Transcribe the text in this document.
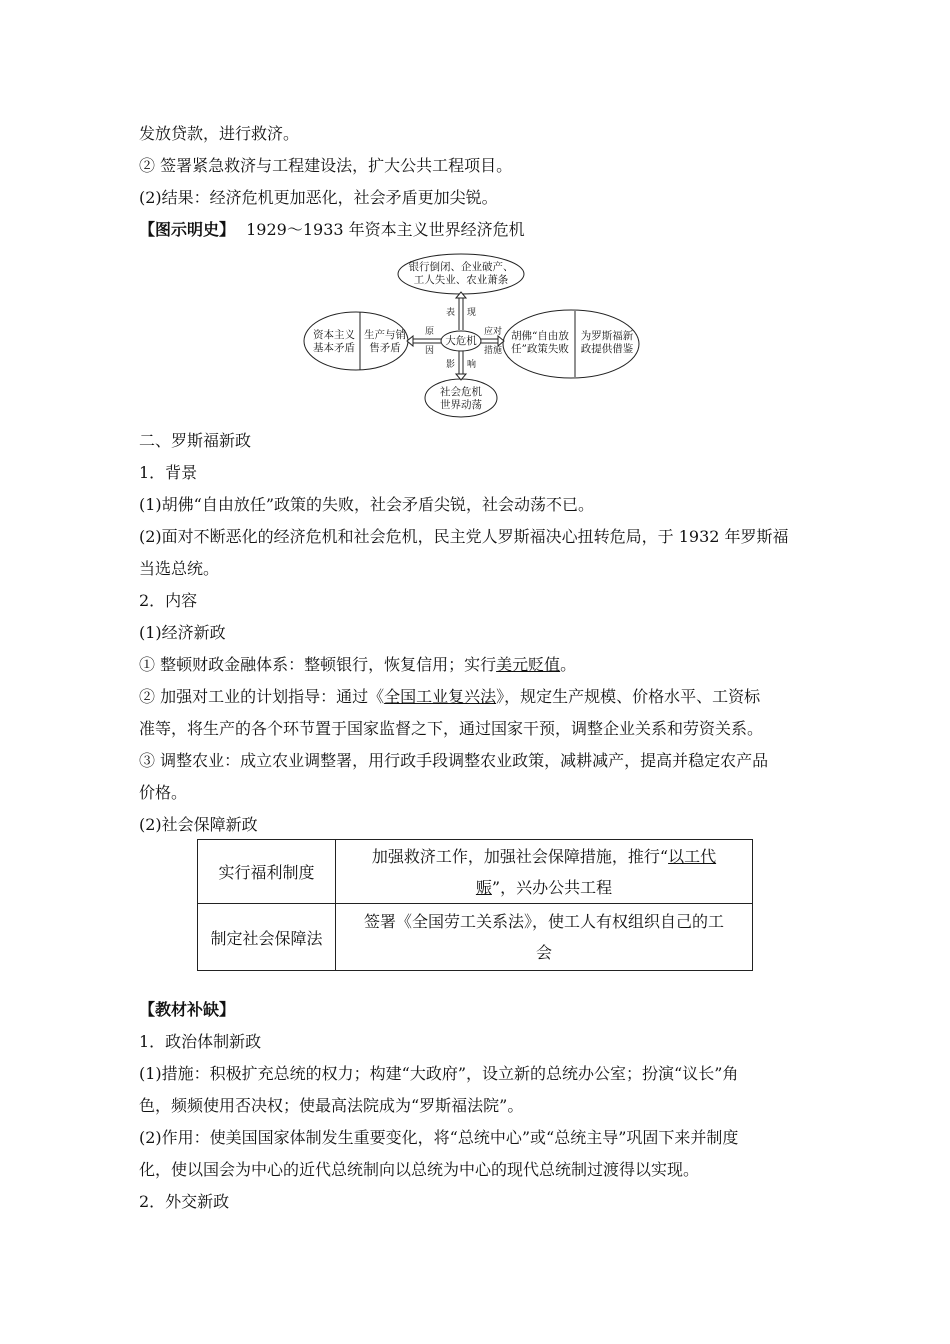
发放贷款，进行救济。
② 签署紧急救济与工程建设法，扩大公共工程项目。
(2)结果：经济危机更加恶化，社会矛盾更加尖锐。
【图示明史】 1929～1933 年资本主义世界经济危机
银行倒闭、企业破产、
工人失业、农业萧条
资本主义
基本矛盾
生产与销
售矛盾
大危机	胡佛“自由放
任”政策失败
为罗斯福新
政提供借鉴
社会危机
世界动荡
表 现
原
因
应对
措施
影 响
二、罗斯福新政
1．背景
(1)胡佛“自由放任”政策的失败，社会矛盾尖锐，社会动荡不已。
(2)面对不断恶化的经济危机和社会危机，民主党人罗斯福决心扭转危局，于 1932 年罗斯福
当选总统。
2．内容
(1)经济新政
① 整顿财政金融体系：整顿银行，恢复信用；实行美元贬值。
② 加强对工业的计划指导：通过《全国工业复兴法》，规定生产规模、价格水平、工资标
准等，将生产的各个环节置于国家监督之下，通过国家干预，调整企业关系和劳资关系。
③ 调整农业：成立农业调整署，用行政手段调整农业政策，减耕减产，提高并稳定农产品
价格。
(2)社会保障新政
实行福利制度	加强救济工作，加强社会保障措施，推行“以工代
赈”，兴办公共工程
制定社会保障法	签署《全国劳工关系法》，使工人有权组织自己的工
会
【教材补缺】
1．政治体制新政
(1)措施：积极扩充总统的权力；构建“大政府”，设立新的总统办公室；扮演“议长”角
色，频频使用否决权；使最高法院成为“罗斯福法院”。
(2)作用：使美国国家体制发生重要变化，将“总统中心”或“总统主导”巩固下来并制度
化，使以国会为中心的近代总统制向以总统为中心的现代总统制过渡得以实现。
2．外交新政
